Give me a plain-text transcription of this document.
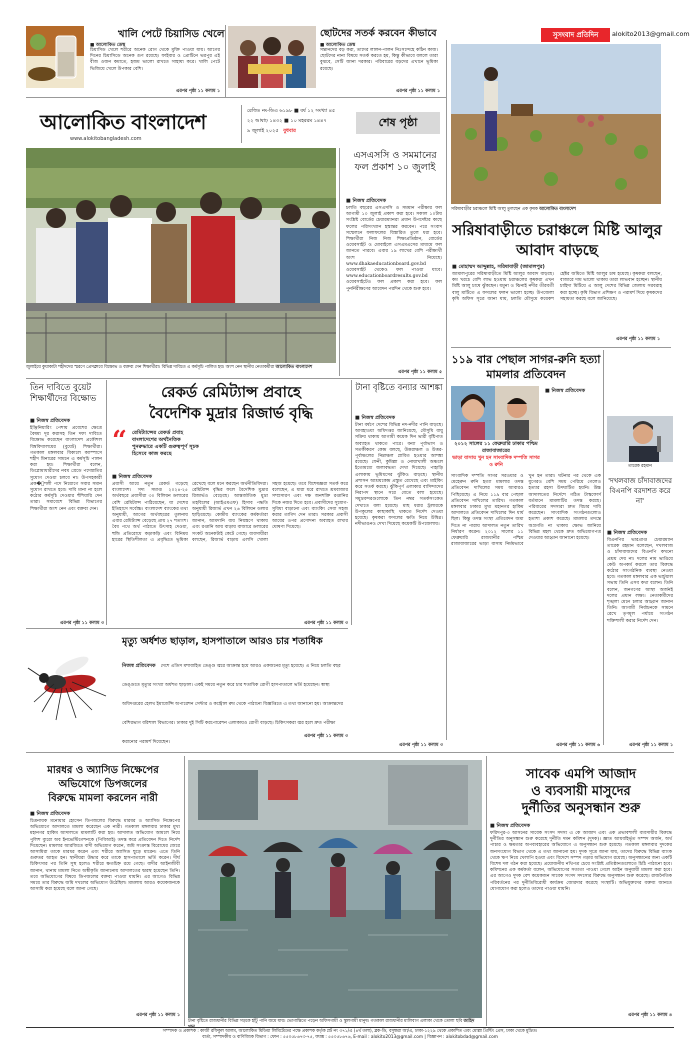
খালি পেটে চিয়াসিড খেলে
■ আলোকিত ডেস্ক
চিয়াসিড খেলে শরীরে অনেক রোগ থেকে মুক্তি পাওয়া যায়। আগের দিনের চিয়াসিডে অনেক গুণ রয়েছে। ফাইবার ও প্রোটিনে ভরপুর এই বীজ ওজন কমাতে, হজম ভালো রাখতে সাহায্য করে। খালি পেটে ভিজিয়ে খেলে উপকার বেশি।
এরপর পৃষ্ঠা ১১ কলাম ১
ছোটদের সতর্ক করবেন কীভাবে
■ আলোকিত ডেস্ক
সন্তানদের বড় করা, তাদের লালন-পালন নিঃসন্দেহে কঠিন কাজ। ছোটদের নানা বিষয়ে সতর্ক করতে হয়, কিন্তু কীভাবে বললে তারা বুঝবে, সেটি জানা দরকার। পরিবারের বড়দের এখানে ভূমিকা রয়েছে।
এরপর পৃষ্ঠা ১১ কলাম ১
সুসংবাদ প্রতিদিন	alokito2013@gmail.com
আলোকিত বাংলাদেশ
www.alokitobangladesh.com
রেজিঃ নং-ডিএ ৬১৯৮ ■ বর্ষ ১২ সংখ্যা ৪৫
২২ আষাঢ় ১৪৩২ ■ ১০ মহররম ১৪৪৭
৯ জুলাই ২০২৫ বুধবার
শেষ পৃষ্ঠা
জুলাইয়ে কুয়াকাটা শহীদদের স্মরণে প্রেসক্লাবে বিক্ষোভ ও বক্তব্য দেন শিক্ষার্থীরা। বিভিন্ন দাবিতে এ কর্মসূচি পালিত হয়। অংশ নেন স্থানীয় নেতাকর্মীরা আলোকিত বাংলাদেশ
এসএসসি ও সমমানের ফল প্রকাশ ১০ জুলাই
■ নিজস্ব প্রতিবেদক
চলতি বছরের এসএসসি ও সমমান পরীক্ষার ফল আগামী ১০ জুলাই প্রকাশ করা হবে। সকাল ১০টায় সংশ্লিষ্ট বোর্ডের চেয়ারম্যানরা প্রধান উপদেষ্টার কাছে ফলের পরিসংখ্যান হস্তান্তর করবেন। পরে সংবাদ সম্মেলনে ফলাফলের বিস্তারিত তুলে ধরা হবে। শিক্ষার্থীরা নিজ নিজ শিক্ষাপ্রতিষ্ঠান, বোর্ডের ওয়েবসাইট ও মোবাইলে এসএমএসের মাধ্যমে ফল জানতে পারবে। এবার ১৯ লাখের বেশি পরীক্ষার্থী অংশ নিয়েছে। www.dhakaeducationboard.gov.bd ওয়েবসাইট থেকেও ফল পাওয়া যাবে। www.educationboardresults.gov.bd ওয়েবসাইটেও ফল প্রকাশ করা হবে। ফল পুনর্নিরীক্ষণের আবেদন পরদিন থেকে শুরু হবে।
এরপর পৃষ্ঠা ১১ কলাম ৫
সরিষাবাড়ীর চরাঞ্চলে মিষ্টি আলু তুলছেন এক কৃষক আলোকিত বাংলাদেশ
সরিষাবাড়ীতে চরাঞ্চলে মিষ্টি আলুর আবাদ বাড়ছে
■ মোহাম্মদ আব্দুল্লাহ, সরিষাবাড়ী (জামালপুর)
জামালপুরের সরিষাবাড়ীতে মিষ্টি আলুর আবাদ বাড়ছে। কম খরচে বেশি লাভ হওয়ায় চরাঞ্চলের কৃষকরা এখন মিষ্টি আলু চাষে ঝুঁকছেন। যমুনা ও ঝিনাই নদীর তীরবর্তী বালু মাটিতে এ ফসলের ফলন ভালো হচ্ছে। উপজেলা কৃষি অফিস সূত্রে জানা যায়, চলতি মৌসুমে কয়েকশ হেক্টর জমিতে মিষ্টি আলুর চাষ হয়েছে। কৃষকরা বলছেন, বাজারে দাম ভালো থাকায় তারা লাভবান হচ্ছেন। স্থানীয় চাহিদা মিটিয়ে এ আলু দেশের বিভিন্ন জেলায় সরবরাহ করা হচ্ছে। কৃষি বিভাগ প্রশিক্ষণ ও পরামর্শ দিয়ে কৃষকদের সহায়তা করছে বলে জানিয়েছে।
এরপর পৃষ্ঠা ১১ কলাম ১
তিন দাবিতে বুয়েট শিক্ষার্থীদের বিক্ষোভ
■ নিজস্ব প্রতিবেদক
ইঞ্জিনিয়ারিং পেশায় প্রবেশের ক্ষেত্রে বৈষম্য দূর করাসহ তিন দফা দাবিতে বিক্ষোভ করেছেন বাংলাদেশ প্রকৌশল বিশ্ববিদ্যালয়ের (বুয়েট) শিক্ষার্থীরা। গতকাল মঙ্গলবার বিকালে ক্যাম্পাসে শহীদ মিনারের সামনে এ কর্মসূচি পালন করা হয়। শিক্ষার্থীরা বলেন, ডিপ্লোমাধারীদের নবম গ্রেডে পদোন্নতির সুযোগ দেওয়া চলবে না। উপসহকারী প্রক�ৌশলী পদে নিয়োগে সবার সমান সুযোগ রাখতে হবে। দাবি মানা না হলে কঠোর কর্মসূচি দেওয়ার হুঁশিয়ারি দেন তারা। সমাবেশে বিভিন্ন বিভাগের শিক্ষার্থীরা অংশ নেন এবং বক্তব্য দেন।
এরপর পৃষ্ঠা ১১ কলাম ৩
রেকর্ড রেমিট্যান্স প্রবাহে
বৈদেশিক মুদ্রার রিজার্ভ বৃদ্ধি
“ রেমিট্যান্সের রেকর্ড প্রবাহ বাংলাদেশের অর্থনৈতিক পুনরুদ্ধারে একটি গুরুত্বপূর্ণ সূচক হিসেবে কাজ করছে
■ নিজস্ব প্রতিবেদক
প্রবাসী আয়ে নতুন রেকর্ড গড়েছে বাংলাদেশ। সদ্য সমাপ্ত ২০২৪-২৫ অর্থবছরে প্রবাসীরা ৩০ বিলিয়ন ডলারের বেশি রেমিট্যান্স পাঠিয়েছেন, যা দেশের ইতিহাসে সর্বোচ্চ। বাংলাদেশ ব্যাংকের তথ্য অনুযায়ী, আগের অর্থবছরের তুলনায় এবার রেমিট্যান্স বেড়েছে প্রায় ২৭ শতাংশ। বৈধ পথে অর্থ পাঠাতে উৎসাহ দেওয়া, হুন্ডি প্রতিরোধে কড়াকড়ি এবং বিনিময় হারের স্থিতিশীলতা এ প্রবৃদ্ধিতে ভূমিকা রেখেছে বলে মনে করছেন অর্থনীতিবিদরা। রেমিট্যান্স বৃদ্ধির ফলে বৈদেশিক মুদ্রার রিজার্ভও বেড়েছে। আন্তর্জাতিক মুদ্রা তহবিলের (আইএমএফ) হিসাব পদ্ধতি অনুযায়ী রিজার্ভ এখন ২৬ বিলিয়ন ডলার ছাড়িয়েছে। কেন্দ্রীয় ব্যাংকের কর্মকর্তারা জানান, আমদানি ব্যয় নিয়ন্ত্রণে থাকায় এবং রপ্তানি আয় বাড়ায় বাজারে ডলারের সংকট অনেকটাই কেটে গেছে। ব্যবসায়ীরা বলছেন, রিজার্ভ বাড়ায় এলসি খোলা সহজ হয়েছে। তবে বিশেষজ্ঞরা সতর্ক করে বলেছেন, এ ধারা ধরে রাখতে শ্রমবাজার সম্প্রসারণ এবং দক্ষ জনশক্তি রপ্তানির দিকে নজর দিতে হবে। প্রবাসীদের সুযোগ-সুবিধা বাড়ানো এবং ব্যাংকিং সেবা সহজ করার তাগিদ দেন তারা। সরকার প্রবাসী আয়ের ওপর প্রণোদনা অব্যাহত রাখার ঘোষণা দিয়েছে।
এরপর পৃষ্ঠা ১১ কলাম ৩
টানা বৃষ্টিতে বন্যার আশঙ্কা
■ নিজস্ব প্রতিবেদক
টানা বর্ষণে দেশের বিভিন্ন নদ-নদীর পানি বাড়ছে। আবহাওয়া অধিদপ্তর জানিয়েছে, মৌসুমি বায়ু সক্রিয় থাকায় আগামী কয়েক দিন ভারী বৃষ্টিপাত অব্যাহত থাকতে পারে। বন্যা পূর্বাভাস ও সতর্কীকরণ কেন্দ্র বলছে, উত্তরাঞ্চল ও উত্তর-পূর্বাঞ্চলের নিম্নাঞ্চল প্লাবিত হওয়ার আশঙ্কা রয়েছে। ফেনী, কুমিল্লা ও নোয়াখালী অঞ্চলে ইতোমধ্যে জলাবদ্ধতা দেখা দিয়েছে। পাহাড়ি এলাকায় ভূমিধসের ঝুঁকিও বাড়ছে। স্থানীয় প্রশাসন আশ্রয়কেন্দ্র প্রস্তুত রেখেছে এবং মাইকিং করে সতর্ক করছে। ঝুঁকিপূর্ণ এলাকার বাসিন্দাদের নিরাপদ স্থানে সরে যেতে বলা হয়েছে। সমুদ্রবন্দরগুলোকে তিন নম্বর সতর্কসংকেত দেখাতে বলা হয়েছে। মাছ ধরার ট্রলারকে উপকূলের কাছাকাছি থাকতে নির্দেশ দেওয়া হয়েছে। কৃষকরা ফসলের ক্ষতি নিয়ে উদ্বিগ্ন। নদীভাঙনও দেখা দিয়েছে কয়েকটি উপজেলায়।
এরপর পৃষ্ঠা ১১ কলাম ৩
১১৯ বার পেছাল সাগর-রুনি হত্যা মামলার প্রতিবেদন
■ নিজস্ব প্রতিবেদক
২০১২ সালের ১১ ফেব্রুয়ারি ঢাকার পশ্চিম রাজাবাজারের
ভাড়া বাসায় খুন হন সাংবাদিক দম্পতি সাগর ও রুনি
সাংবাদিক দম্পতি সাগর সরওয়ার ও মেহেরুন রুনি হত্যা মামলার তদন্ত প্রতিবেদন দাখিলের সময় আবারও পিছিয়েছে। এ নিয়ে ১১৯ বার পেছাল প্রতিবেদন দাখিলের তারিখ। গতকাল মঙ্গলবার ঢাকার মুখ্য মহানগর হাকিম আদালতে প্রতিবেদন দাখিলের দিন ধার্য ছিল। কিন্তু তদন্ত সংস্থা প্রতিবেদন জমা দিতে না পারায় আদালত নতুন তারিখ নির্ধারণ করেন। ২০১২ সালের ১১ ফেব্রুয়ারি রাজধানীর পশ্চিম রাজাবাজারের ভাড়া বাসায় নির্মমভাবে খুন হন তারা। ঘটনার পর থেকে এক যুগেরও বেশি সময় পেরিয়ে গেলেও হত্যার রহস্য উদঘাটিত হয়নি। উচ্চ আদালতের নির্দেশে গঠিত টাস্কফোর্স বর্তমানে মামলাটির তদন্ত করছে। পরিবারের সদস্যরা দ্রুত বিচার দাবি করেছেন। সাংবাদিক সংগঠনগুলোও হতাশা প্রকাশ করেছে। মামলার তদন্তে অগ্রগতি না থাকায় ক্ষোভ জানিয়ে বিভিন্ন মহল থেকে দ্রুত অভিযোগপত্র দেওয়ার আহ্বান জানানো হয়েছে।
এরপর পৃষ্ঠা ১১ কলাম ৬
তারেক রহমান
'দখলবাজ চাঁদাবাজদের বিএনপি বরদাশত করে না'
■ নিজস্ব প্রতিবেদক
বিএনপির ভারপ্রাপ্ত চেয়ারম্যান তারেক রহমান বলেছেন, দখলবাজ ও চাঁদাবাজদের বিএনপি কখনো প্রশ্রয় দেয় না। দলের নাম ভাঙিয়ে কেউ অপকর্ম করলে তার বিরুদ্ধে কঠোর সাংগঠনিক ব্যবস্থা নেওয়া হবে। গতকাল মঙ্গলবার এক ভার্চুয়াল সভায় তিনি এসব কথা বলেন। তিনি বলেন, জনগণের আস্থা অর্জনই দলের প্রধান লক্ষ্য। নেতাকর্মীদের শৃঙ্খলা মেনে চলার আহ্বান জানান তিনি। আগামী নির্বাচনকে সামনে রেখে তৃণমূল পর্যায়ে সংগঠন শক্তিশালী করার নির্দেশ দেন।
এরপর পৃষ্ঠা ১১ কলাম ১
মৃত্যু অর্ধশত ছাড়াল, হাসপাতালে আরও চার শতাধিক
নিজস্ব প্রতিবেদক দেশে এডিস মশাবাহিত ডেঙ্গু জ্বরে আক্রান্ত হয়ে আরও একজনের মৃত্যু হয়েছে। এ নিয়ে চলতি বছর ডেঙ্গুতে মৃত্যুর সংখ্যা অর্ধশত ছাড়াল। একই সময়ে নতুন করে চার শতাধিক রোগী হাসপাতালে ভর্তি হয়েছেন। স্বাস্থ্য অধিদপ্তরের হেলথ ইমার্জেন্সি অপারেশন সেন্টার ও কন্ট্রোল রুম থেকে পাঠানো বিজ্ঞপ্তিতে এ তথ্য জানানো হয়। আক্রান্তদের বেশিরভাগ বরিশাল বিভাগের। ঢাকার দুই সিটি করপোরেশন এলাকায়ও রোগী বাড়ছে। চিকিৎসকরা জ্বর হলে দ্রুত পরীক্ষা করানোর পরামর্শ দিয়েছেন।
এরপর পৃষ্ঠা ১১ কলাম ৩
মারধর ও অ্যাসিড নিক্ষেপের
অভিযোগে ডিপজলের
বিরুদ্ধে মামলা করলেন নারী
■ নিজস্ব প্রতিবেদক
চিত্রনায়ক মনোয়ার হোসেন ডিপজলের বিরুদ্ধে মারধর ও অ্যাসিড নিক্ষেপের অভিযোগে আদালতে মামলা করেছেন এক নারী। গতকাল মঙ্গলবার ঢাকার মুখ্য মহানগর হাকিম আদালতে মামলাটি করা হয়। আদালত অভিযোগ আমলে নিয়ে পুলিশ ব্যুরো অব ইনভেস্টিগেশনকে (পিবিআই) তদন্ত করে প্রতিবেদন দিতে নির্দেশ দিয়েছেন। মামলার আরজিতে বাদী অভিযোগ করেন, জমি সংক্রান্ত বিরোধের জেরে আসামিরা তাকে মারধর করেন এবং শরীরে অ্যাসিড ছুড়ে মারেন। এতে তিনি গুরুতর আহত হন। স্থানীয়রা উদ্ধার করে তাকে হাসপাতালে ভর্তি করেন। দীর্ঘ চিকিৎসার পর তিনি সুস্থ হলেও শরীরে ক্ষতচিহ্ন রয়ে গেছে। বাদীর আইনজীবী জানান, থানায় মামলা নিতে অস্বীকৃতি জানানোয় আদালতের দ্বারস্থ হয়েছেন তিনি। তবে অভিযোগের বিষয়ে ডিপজলের বক্তব্য পাওয়া যায়নি। এর আগেও বিভিন্ন সময়ে তার বিরুদ্ধে জমি দখলের অভিযোগ উঠেছিল। মামলায় আরও কয়েকজনকে আসামি করা হয়েছে বলে জানা গেছে।
এরপর পৃষ্ঠা ১১ কলাম ১
টানা বৃষ্টিতে রাজধানীর বিভিন্ন সড়কে হাঁটু পানি জমে যায়। ভোগান্তিতে পড়েন অফিসগামী ও স্কুলগামী মানুষ। গতকাল রাজধানীর মালিবাগ এলাকা থেকে তোলা ছবি জাহিদ
সাবেক এমপি আজাদ
ও ব্যবসায়ী মাসুদের
দুর্নীতির অনুসন্ধান শুরু
■ নিজস্ব প্রতিবেদক
ফরিদপুর-৩ আসনের সাবেক সংসদ সদস্য এ কে আজাদ এবং এক প্রভাবশালী ব্যবসায়ীর বিরুদ্ধে দুর্নীতির অনুসন্ধান শুরু করেছে দুর্নীতি দমন কমিশন (দুদক)। জ্ঞাত আয়বহির্ভূত সম্পদ অর্জন, অর্থ পাচার ও ক্ষমতার অপব্যবহারের অভিযোগে এ অনুসন্ধান শুরু হয়েছে। গতকাল মঙ্গলবার দুদকের জনসংযোগ বিভাগ থেকে এ তথ্য জানানো হয়। দুদক সূত্রে জানা যায়, তাদের বিরুদ্ধে বিভিন্ন ব্যাংক থেকে ঋণ নিয়ে খেলাপি হওয়া এবং বিদেশে সম্পদ গড়ার অভিযোগ রয়েছে। অনুসন্ধানের জন্য একটি বিশেষ দল গঠন করা হয়েছে। প্রয়োজনীয় নথিপত্র চেয়ে সংশ্লিষ্ট প্রতিষ্ঠানগুলোতে চিঠি পাঠানো হবে। কমিশনের এক কর্মকর্তা বলেন, অভিযোগের সত্যতা পাওয়া গেলে আইন অনুযায়ী মামলা করা হবে। এর আগেও দুদক বেশ কয়েকজন সাবেক সংসদ সদস্যের বিরুদ্ধে অনুসন্ধান শুরু করেছে। রাজনৈতিক পরিবর্তনের পর দুর্নীতিবিরোধী কার্যক্রম জোরদার করেছে সংস্থাটি। অভিযুক্তদের বক্তব্য জানতে যোগাযোগ করা হলেও তাদের পাওয়া যায়নি।
এরপর পৃষ্ঠা ১১ কলাম ৪
সম্পাদক ও প্রকাশক : কাজী রফিকুল আলম, আলোকিত মিডিয়া লিমিটেডের পক্ষে প্রকাশক কর্তৃক প্লট নং ৩৭১/এ (৪র্থ তলা), ব্লক-ডি, বসুন্ধরা আ/এ, ঢাকা-১২২৯ থেকে প্রকাশিত এবং মোল্লা প্রিন্টিং প্রেস, ঢাকা থেকে মুদ্রিত।
বার্তা, সম্পাদকীয় ও বাণিজ্যিক বিভাগ : ফোন : ৫৫০৫৮৬৭৩-৭৫, ফ্যাক্স : ৫৫০৫৮৬৭৬, E-mail : alokito2013@gmail.com | বিজ্ঞাপন : alokitobdad@gmail.com
